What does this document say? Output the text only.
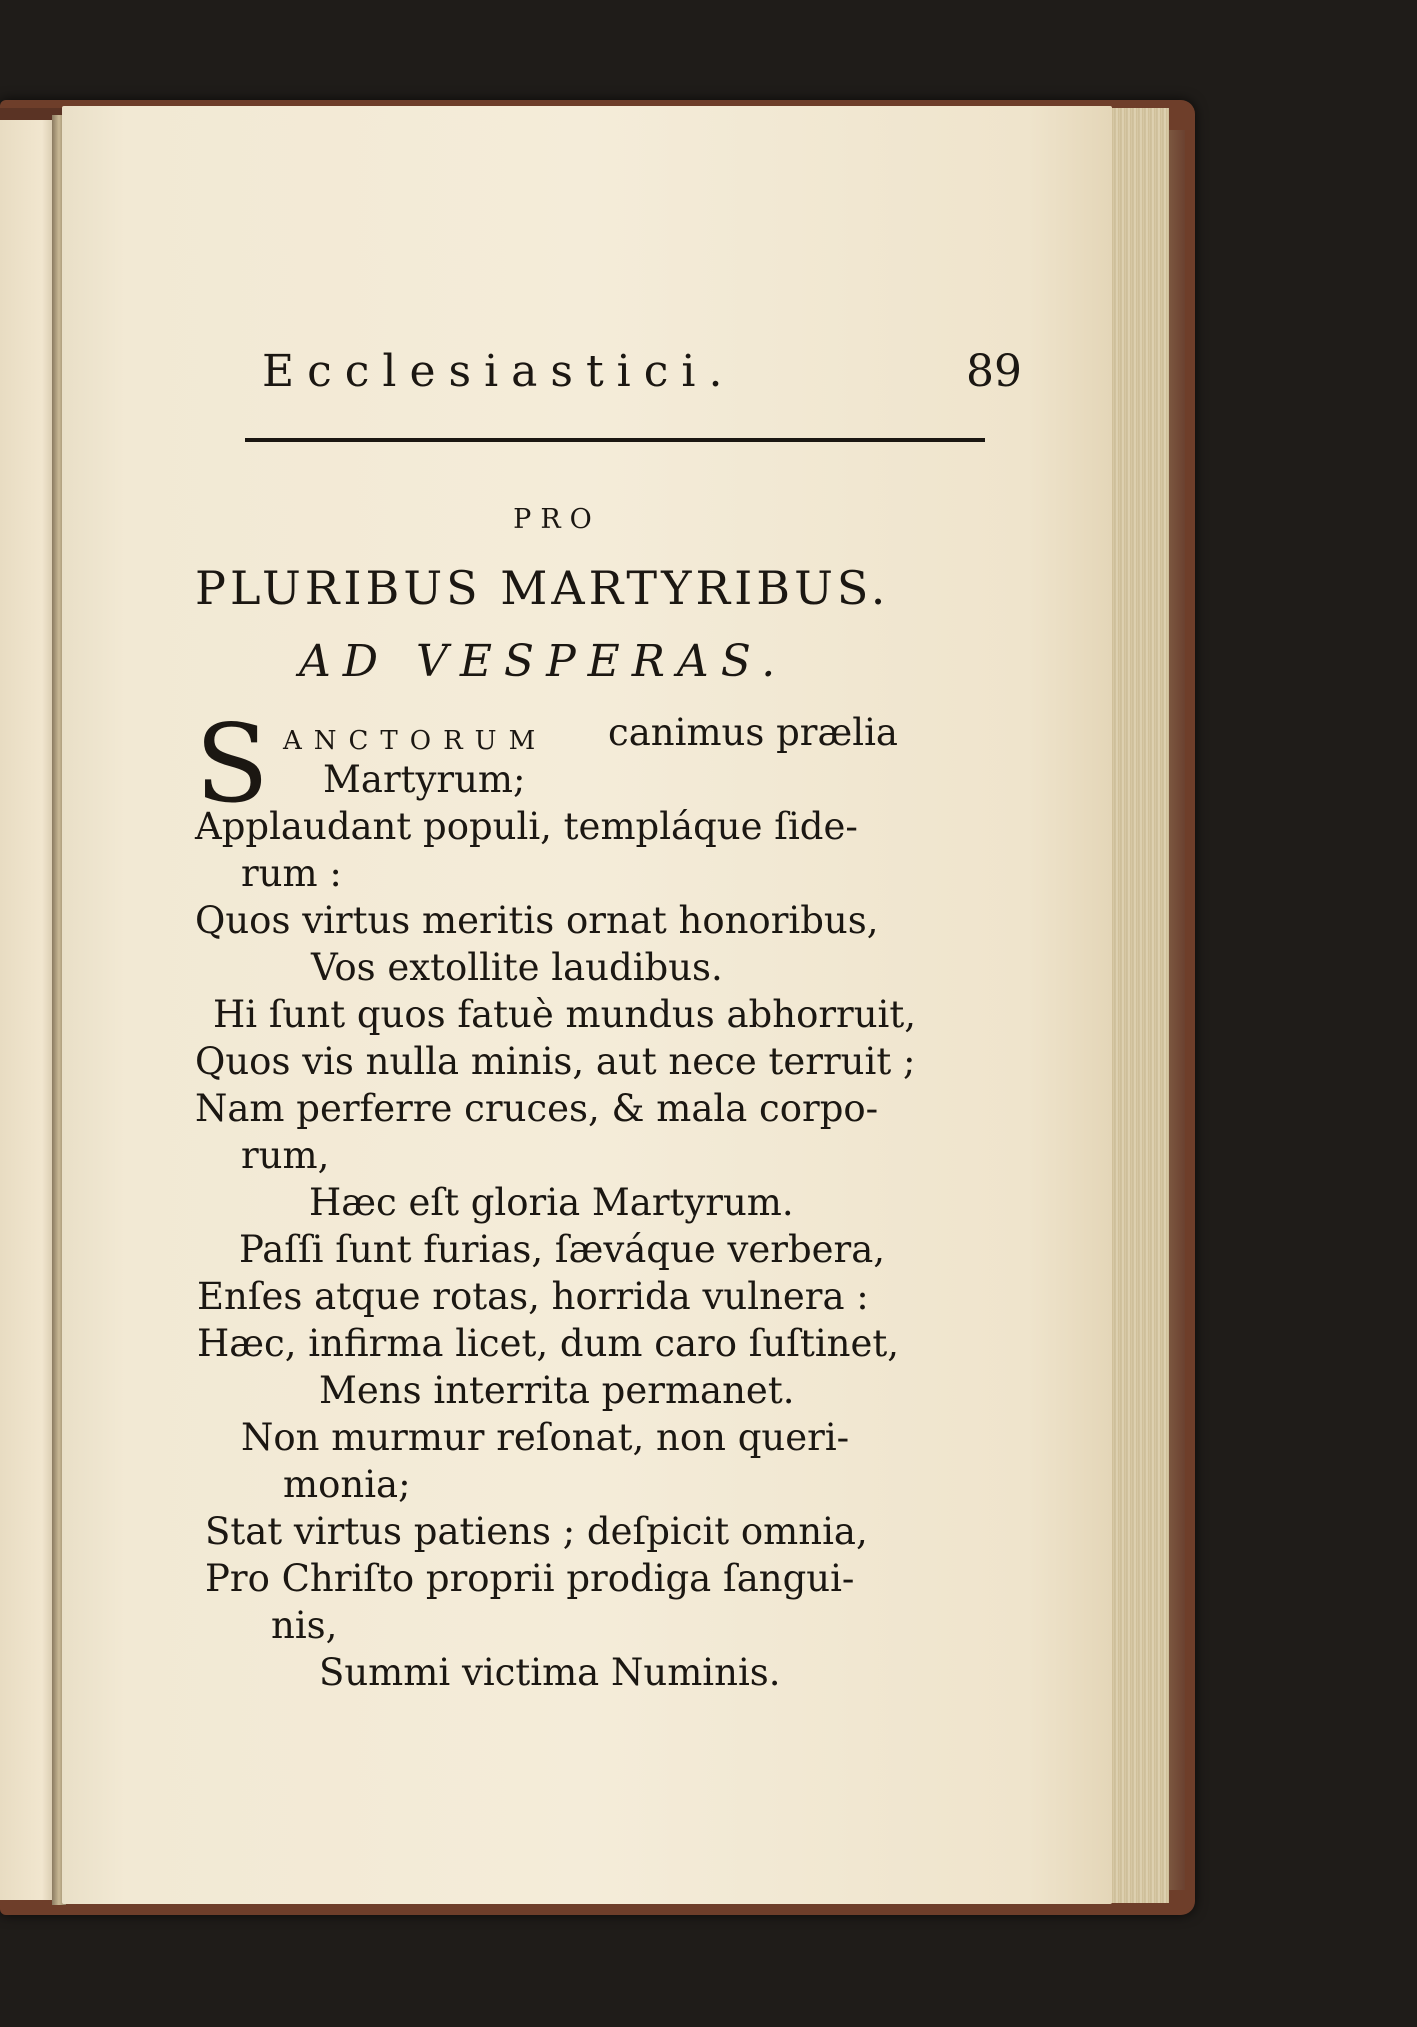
Ecclesiastici.	89
PRO
PLURIBUS MARTYRIBUS.
AD VESPERAS.
S ANCTORUM canimus prælia
Martyrum;
Applaudant populi, templáque ſide-
rum :
Quos virtus meritis ornat honoribus,
Vos extollite laudibus.
Hi ſunt quos fatuè mundus abhorruit,
Quos vis nulla minis, aut nece terruit ;
Nam perferre cruces, & mala corpo-
rum,
Hæc eſt gloria Martyrum.
Paſſi ſunt furias, ſæváque verbera,
Enſes atque rotas, horrida vulnera :
Hæc, infirma licet, dum caro ſuſtinet,
Mens interrita permanet.
Non murmur reſonat, non queri-
monia;
Stat virtus patiens ; deſpicit omnia,
Pro Chriſto proprii prodiga ſangui-
nis,
Summi victima Numinis.
